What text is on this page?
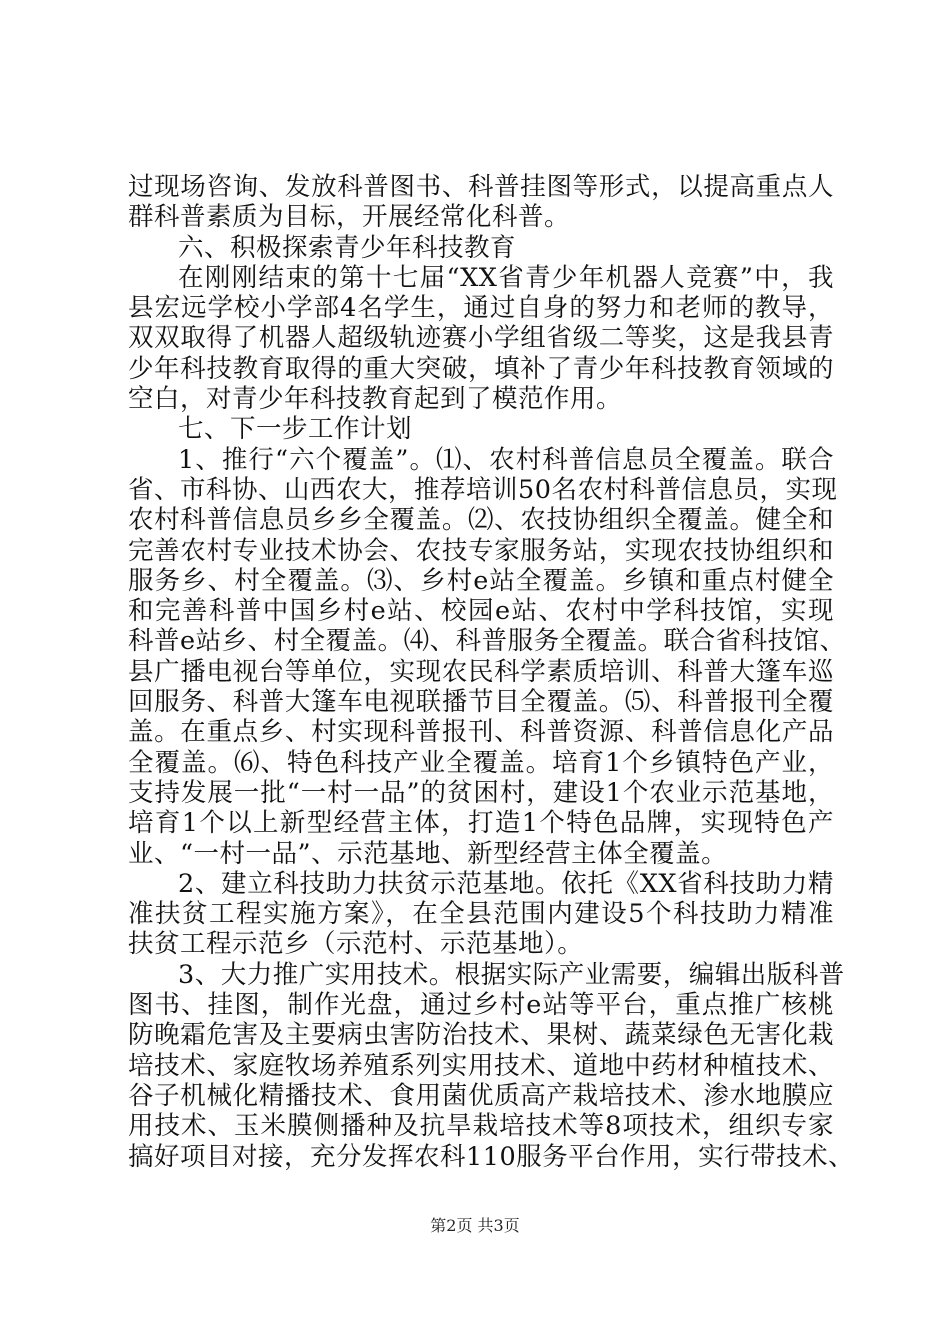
过现场咨询、发放科普图书、科普挂图等形式，以提高重点人
群科普素质为目标，开展经常化科普。
六、积极探索青少年科技教育
在刚刚结束的第十七届“XX省青少年机器人竞赛”中，我
县宏远学校小学部4名学生，通过自身的努力和老师的教导，
双双取得了机器人超级轨迹赛小学组省级二等奖，这是我县青
少年科技教育取得的重大突破，填补了青少年科技教育领域的
空白，对青少年科技教育起到了模范作用。
七、下一步工作计划
1、推行“六个覆盖”。⑴、农村科普信息员全覆盖。联合
省、市科协、山西农大，推荐培训50名农村科普信息员，实现
农村科普信息员乡乡全覆盖。⑵、农技协组织全覆盖。健全和
完善农村专业技术协会、农技专家服务站，实现农技协组织和
服务乡、村全覆盖。⑶、乡村e站全覆盖。乡镇和重点村健全
和完善科普中国乡村e站、校园e站、农村中学科技馆，实现
科普e站乡、村全覆盖。⑷、科普服务全覆盖。联合省科技馆、
县广播电视台等单位，实现农民科学素质培训、科普大篷车巡
回服务、科普大篷车电视联播节目全覆盖。⑸、科普报刊全覆
盖。在重点乡、村实现科普报刊、科普资源、科普信息化产品
全覆盖。⑹、特色科技产业全覆盖。培育1个乡镇特色产业，
支持发展一批“一村一品”的贫困村，建设1个农业示范基地，
培育1个以上新型经营主体，打造1个特色品牌，实现特色产
业、“一村一品”、示范基地、新型经营主体全覆盖。
2、建立科技助力扶贫示范基地。依托《XX省科技助力精
准扶贫工程实施方案》，在全县范围内建设5个科技助力精准
扶贫工程示范乡（示范村、示范基地）。
3、大力推广实用技术。根据实际产业需要，编辑出版科普
图书、挂图，制作光盘，通过乡村e站等平台，重点推广核桃
防晚霜危害及主要病虫害防治技术、果树、蔬菜绿色无害化栽
培技术、家庭牧场养殖系列实用技术、道地中药材种植技术、
谷子机械化精播技术、食用菌优质高产栽培技术、渗水地膜应
用技术、玉米膜侧播种及抗旱栽培技术等8项技术，组织专家
搞好项目对接，充分发挥农科110服务平台作用，实行带技术、
第2页 共3页
